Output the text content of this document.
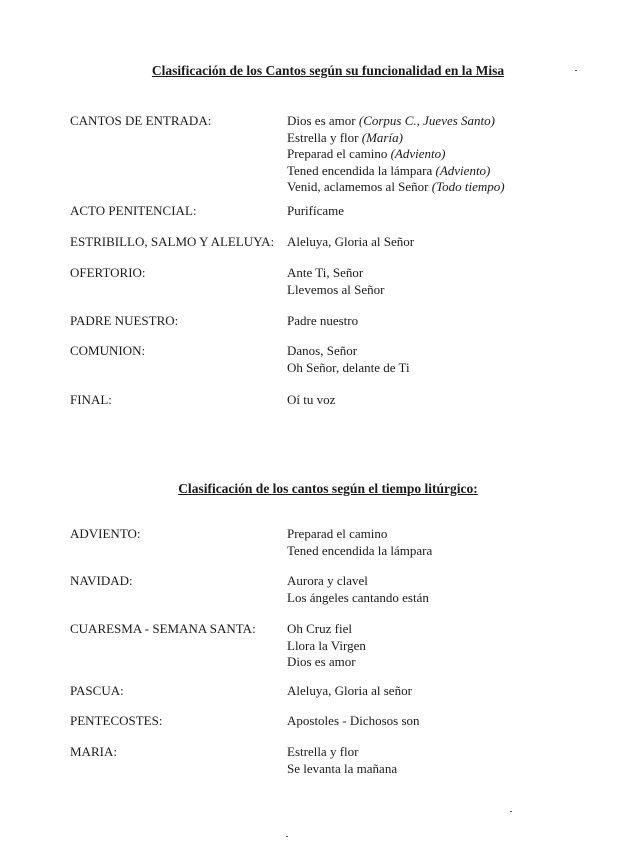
Clasificación de los Cantos según su funcionalidad en la Misa
CANTOS DE ENTRADA:	Dios es amor (Corpus C., Jueves Santo)
Estrella y flor (María)
Preparad el camino (Adviento)
Tened encendida la lámpara (Adviento)
Venid, aclamemos al Señor (Todo tiempo)
ACTO PENITENCIAL:	Purifícame
ESTRIBILLO, SALMO Y ALELUYA: Aleluya, Gloria al Señor
OFERTORIO:	Ante Ti, Señor
Llevemos al Señor
PADRE NUESTRO:	Padre nuestro
COMUNION:	Danos, Señor
Oh Señor, delante de Ti
FINAL:	Oí tu voz
Clasificación de los cantos según el tiempo litúrgico:
ADVIENTO:	Preparad el camino
Tened encendida la lámpara
NAVIDAD:	Aurora y clavel
Los ángeles cantando están
CUARESMA - SEMANA SANTA: Oh Cruz fiel
Llora la Virgen
Dios es amor
PASCUA:	Aleluya, Gloria al señor
PENTECOSTES:	Apostoles - Dichosos son
MARIA:	Estrella y flor
Se levanta la mañana
